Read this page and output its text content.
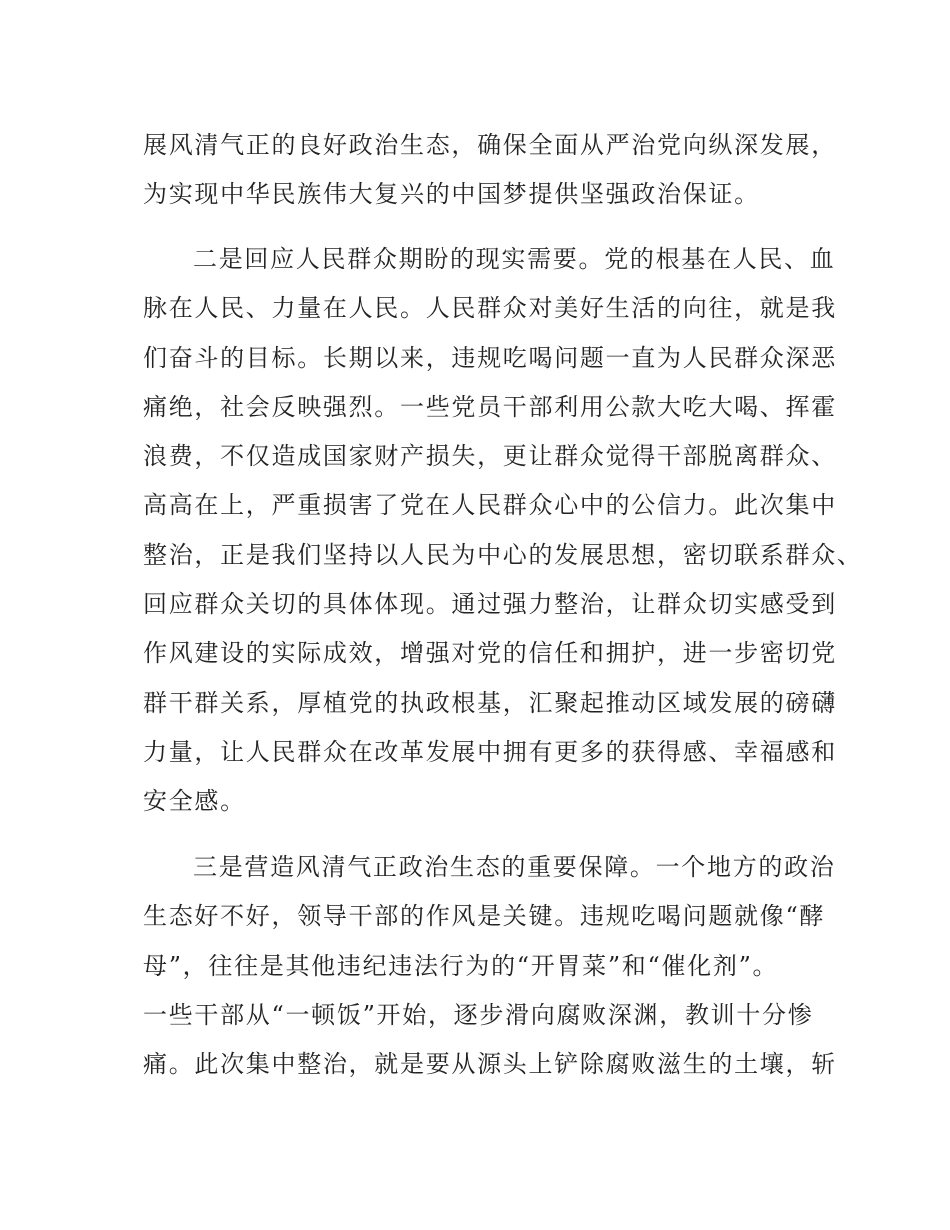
展风清气正的良好政治生态，确保全面从严治党向纵深发展，
为实现中华民族伟大复兴的中国梦提供坚强政治保证。
二是回应人民群众期盼的现实需要。党的根基在人民、血
脉在人民、力量在人民。人民群众对美好生活的向往，就是我
们奋斗的目标。长期以来，违规吃喝问题一直为人民群众深恶
痛绝，社会反映强烈。一些党员干部利用公款大吃大喝、挥霍
浪费，不仅造成国家财产损失，更让群众觉得干部脱离群众、
高高在上，严重损害了党在人民群众心中的公信力。此次集中
整治，正是我们坚持以人民为中心的发展思想，密切联系群众、
回应群众关切的具体体现。通过强力整治，让群众切实感受到
作风建设的实际成效，增强对党的信任和拥护，进一步密切党
群干群关系，厚植党的执政根基，汇聚起推动区域发展的磅礴
力量，让人民群众在改革发展中拥有更多的获得感、幸福感和
安全感。
三是营造风清气正政治生态的重要保障。一个地方的政治
生态好不好，领导干部的作风是关键。违规吃喝问题就像“酵
母”，往往是其他违纪违法行为的“开胃菜”和“催化剂”。
一些干部从“一顿饭”开始，逐步滑向腐败深渊，教训十分惨
痛。此次集中整治，就是要从源头上铲除腐败滋生的土壤，斩
